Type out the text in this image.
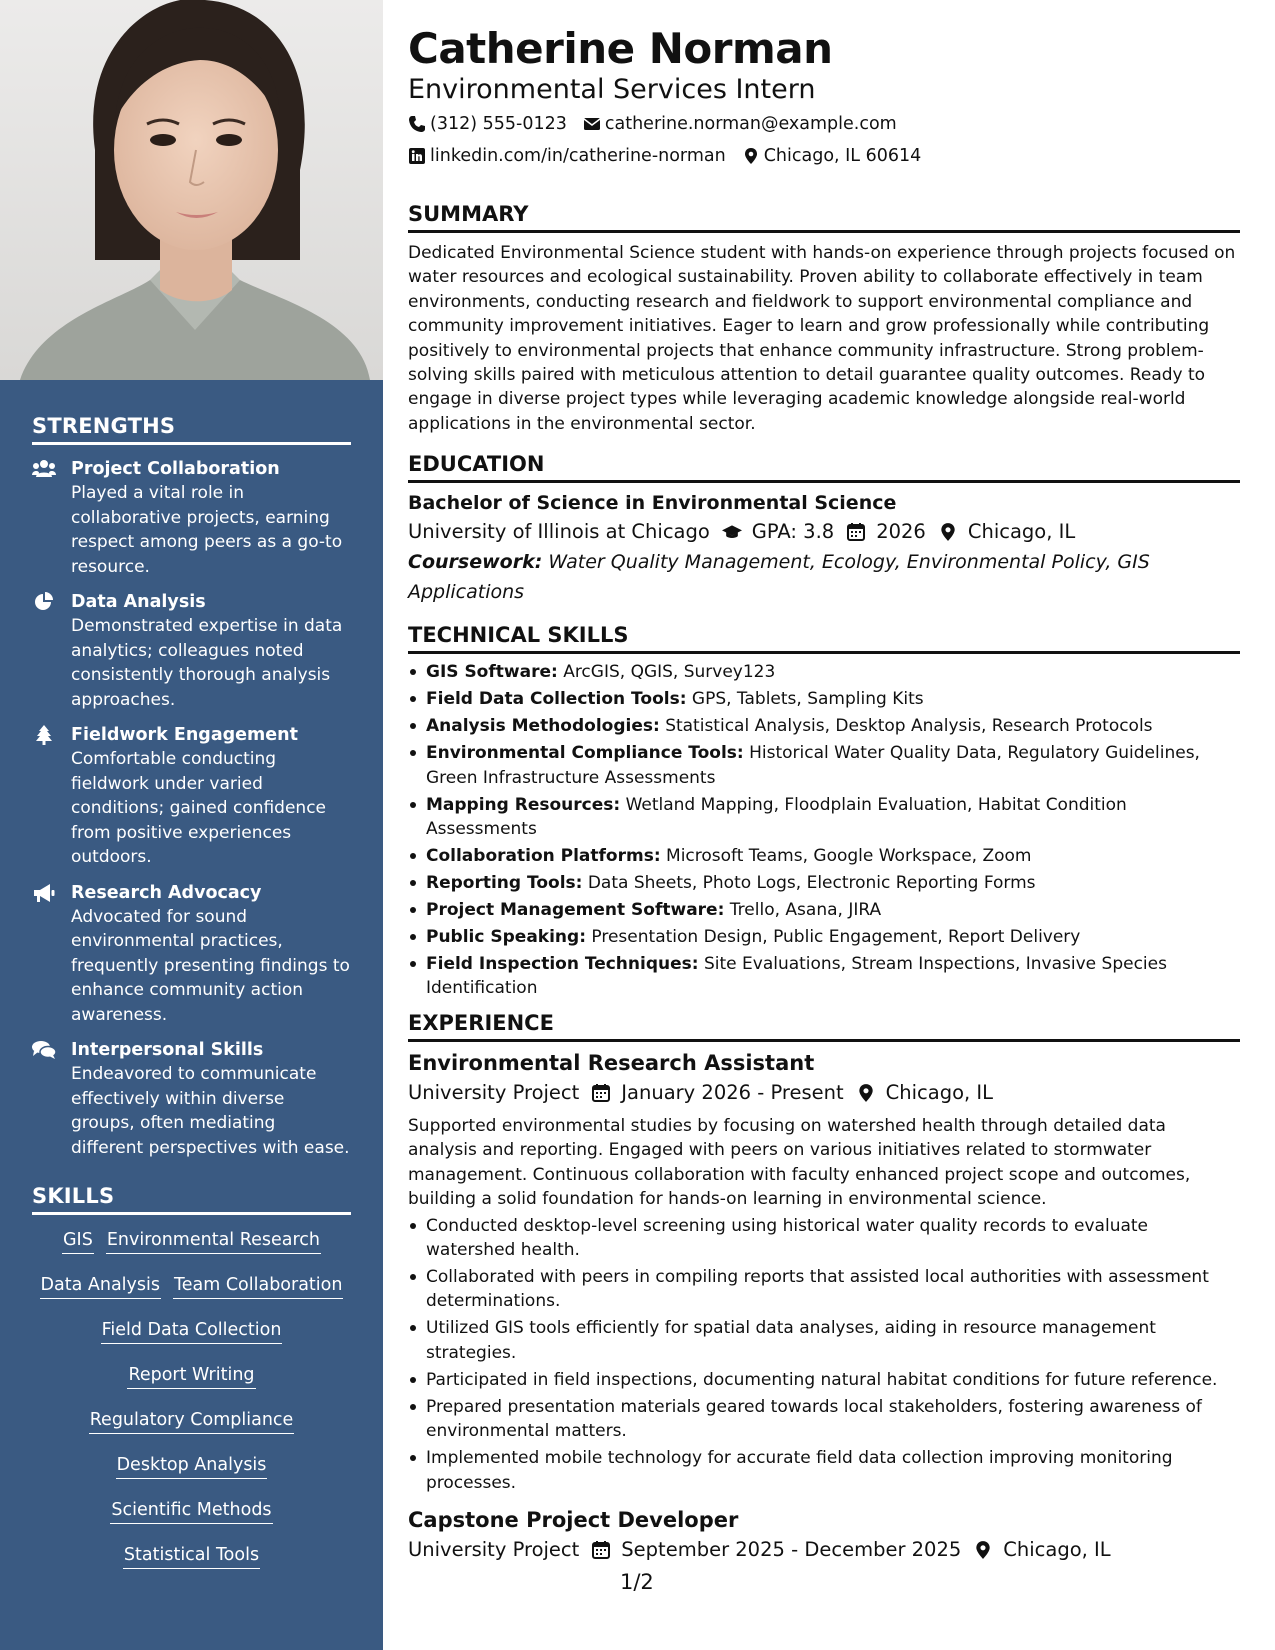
STRENGTHS
Project Collaboration
Played a vital role in collaborative projects, earning respect among peers as a go-to resource.
Data Analysis
Demonstrated expertise in data analytics; colleagues noted consistently thorough analysis approaches.
Fieldwork Engagement
Comfortable conducting fieldwork under varied conditions; gained confidence from positive experiences outdoors.
Research Advocacy
Advocated for sound environmental practices, frequently presenting findings to enhance community action awareness.
Interpersonal Skills
Endeavored to communicate effectively within diverse groups, often mediating different perspectives with ease.
SKILLS
GIS Environmental Research
Data Analysis Team Collaboration
Field Data Collection
Report Writing
Regulatory Compliance
Desktop Analysis
Scientific Methods
Statistical Tools
Catherine Norman
Environmental Services Intern
(312) 555-0123 catherine.norman@example.com
linkedin.com/in/catherine-norman Chicago, IL 60614
SUMMARY
Dedicated Environmental Science student with hands-on experience through projects focused on water resources and ecological sustainability. Proven ability to collaborate effectively in team environments, conducting research and fieldwork to support environmental compliance and community improvement initiatives. Eager to learn and grow professionally while contributing positively to environmental projects that enhance community infrastructure. Strong problem-solving skills paired with meticulous attention to detail guarantee quality outcomes. Ready to engage in diverse project types while leveraging academic knowledge alongside real-world applications in the environmental sector.
EDUCATION
Bachelor of Science in Environmental Science
University of Illinois at Chicago GPA: 3.8 2026 Chicago, IL
Coursework: Water Quality Management, Ecology, Environmental Policy, GIS Applications
TECHNICAL SKILLS
GIS Software: ArcGIS, QGIS, Survey123
Field Data Collection Tools: GPS, Tablets, Sampling Kits
Analysis Methodologies: Statistical Analysis, Desktop Analysis, Research Protocols
Environmental Compliance Tools: Historical Water Quality Data, Regulatory Guidelines, Green Infrastructure Assessments
Mapping Resources: Wetland Mapping, Floodplain Evaluation, Habitat Condition Assessments
Collaboration Platforms: Microsoft Teams, Google Workspace, Zoom
Reporting Tools: Data Sheets, Photo Logs, Electronic Reporting Forms
Project Management Software: Trello, Asana, JIRA
Public Speaking: Presentation Design, Public Engagement, Report Delivery
Field Inspection Techniques: Site Evaluations, Stream Inspections, Invasive Species Identification
EXPERIENCE
Environmental Research Assistant
University Project January 2026 - Present Chicago, IL
Supported environmental studies by focusing on watershed health through detailed data analysis and reporting. Engaged with peers on various initiatives related to stormwater management. Continuous collaboration with faculty enhanced project scope and outcomes, building a solid foundation for hands-on learning in environmental science.
Conducted desktop-level screening using historical water quality records to evaluate watershed health.
Collaborated with peers in compiling reports that assisted local authorities with assessment determinations.
Utilized GIS tools efficiently for spatial data analyses, aiding in resource management strategies.
Participated in field inspections, documenting natural habitat conditions for future reference.
Prepared presentation materials geared towards local stakeholders, fostering awareness of environmental matters.
Implemented mobile technology for accurate field data collection improving monitoring processes.
Capstone Project Developer
University Project September 2025 - December 2025 Chicago, IL
1/2
